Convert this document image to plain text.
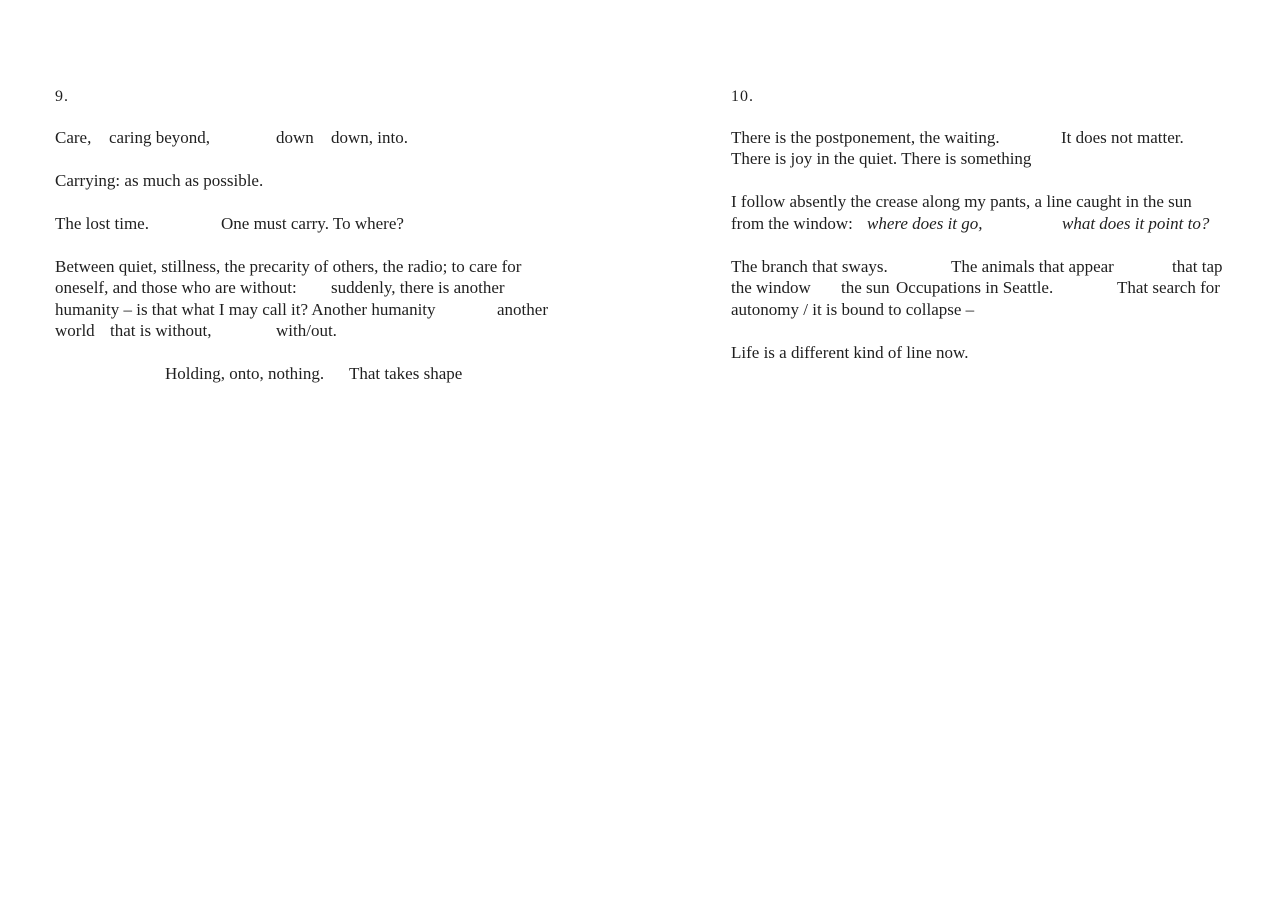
9.
Care, caring beyond,	down down, into.
Carrying: as much as possible.
The lost time.	One must carry. To where?
Between quiet, stillness, the precarity of others, the radio; to care for
oneself, and those who are without: suddenly, there is another
humanity – is that what I may call it? Another humanity	another
world that is without,	with/out.
Holding, onto, nothing. That takes shape
10.
There is the postponement, the waiting.	It does not matter.
There is joy in the quiet. There is something
I follow absently the crease along my pants, a line caught in the sun
from the window: where does it go,	what does it point to?
The branch that sways.	The animals that appear	that tap
the window the sun Occupations in Seattle.	That search for
autonomy / it is bound to collapse –
Life is a different kind of line now.
